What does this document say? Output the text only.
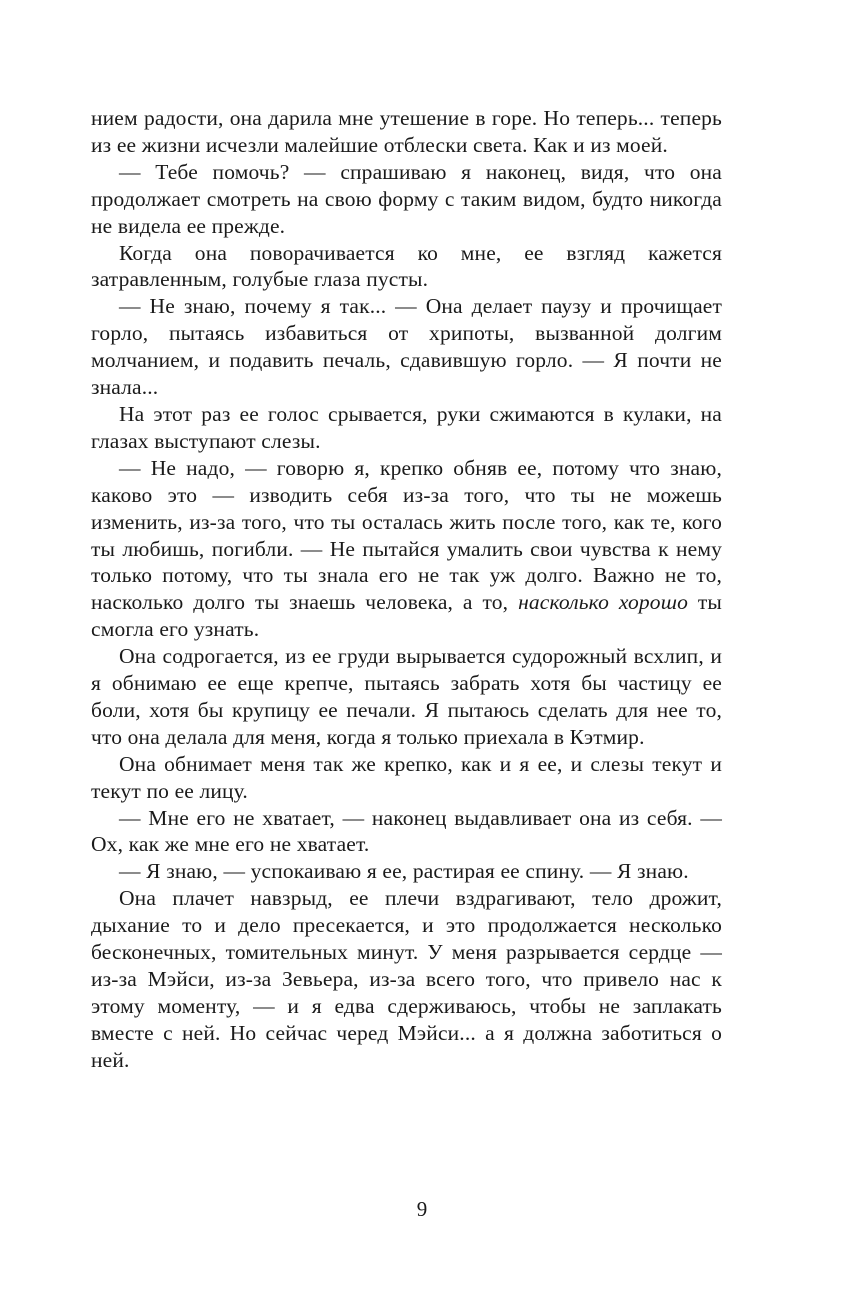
нием радости, она дарила мне утешение в горе. Но теперь... теперь из ее жизни исчезли малейшие отблески света. Как и из моей.

— Тебе помочь? — спрашиваю я наконец, видя, что она продолжает смотреть на свою форму с таким видом, будто никогда не видела ее прежде.

Когда она поворачивается ко мне, ее взгляд кажется затравленным, голубые глаза пусты.

— Не знаю, почему я так... — Она делает паузу и прочищает горло, пытаясь избавиться от хрипоты, вызванной долгим молчанием, и подавить печаль, сдавившую горло. — Я почти не знала...

На этот раз ее голос срывается, руки сжимаются в кулаки, на глазах выступают слезы.

— Не надо, — говорю я, крепко обняв ее, потому что знаю, каково это — изводить себя из-за того, что ты не можешь изменить, из-за того, что ты осталась жить после того, как те, кого ты любишь, погибли. — Не пытайся умалить свои чувства к нему только потому, что ты знала его не так уж долго. Важно не то, насколько долго ты знаешь человека, а то, насколько хорошо ты смогла его узнать.

Она содрогается, из ее груди вырывается судорожный всхлип, и я обнимаю ее еще крепче, пытаясь забрать хотя бы частицу ее боли, хотя бы крупицу ее печали. Я пытаюсь сделать для нее то, что она делала для меня, когда я только приехала в Кэтмир.

Она обнимает меня так же крепко, как и я ее, и слезы текут и текут по ее лицу.

— Мне его не хватает, — наконец выдавливает она из себя. — Ох, как же мне его не хватает.

— Я знаю, — успокаиваю я ее, растирая ее спину. — Я знаю.

Она плачет навзрыд, ее плечи вздрагивают, тело дрожит, дыхание то и дело пресекается, и это продолжается несколько бесконечных, томительных минут. У меня разрывается сердце — из-за Мэйси, из-за Зевьера, из-за всего того, что привело нас к этому моменту, — и я едва сдерживаюсь, чтобы не заплакать вместе с ней. Но сейчас черед Мэйси... а я должна заботиться о ней.

9
